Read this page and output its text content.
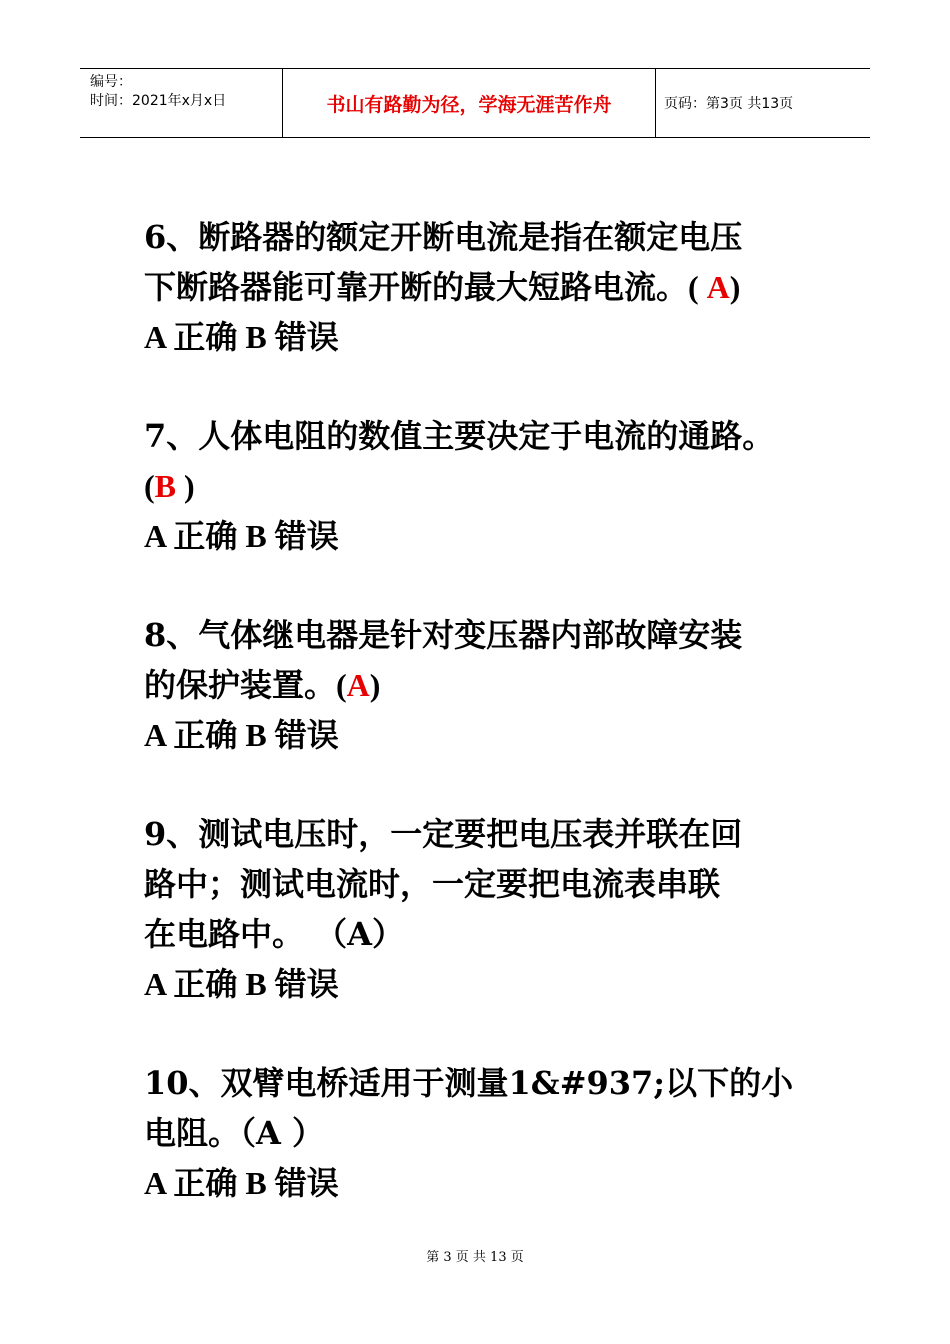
编号：
时间：2021年x月x日	书山有路勤为径，学海无涯苦作舟	页码：第3页 共13页
6、断路器的额定开断电流是指在额定电压
下断路器能可靠开断的最大短路电流。( A)
A 正确 B 错误
7、人体电阻的数值主要决定于电流的通路。
(B )
A 正确 B 错误
8、气体继电器是针对变压器内部故障安装
的保护装置。(A)
A 正确 B 错误
9、测试电压时，一定要把电压表并联在回
路中；测试电流时，一定要把电流表串联
在电路中。 （A）
A 正确 B 错误
10、双臂电桥适用于测量1&#937;以下的小
电阻。（A ）
A 正确 B 错误
第 3 页 共 13 页
